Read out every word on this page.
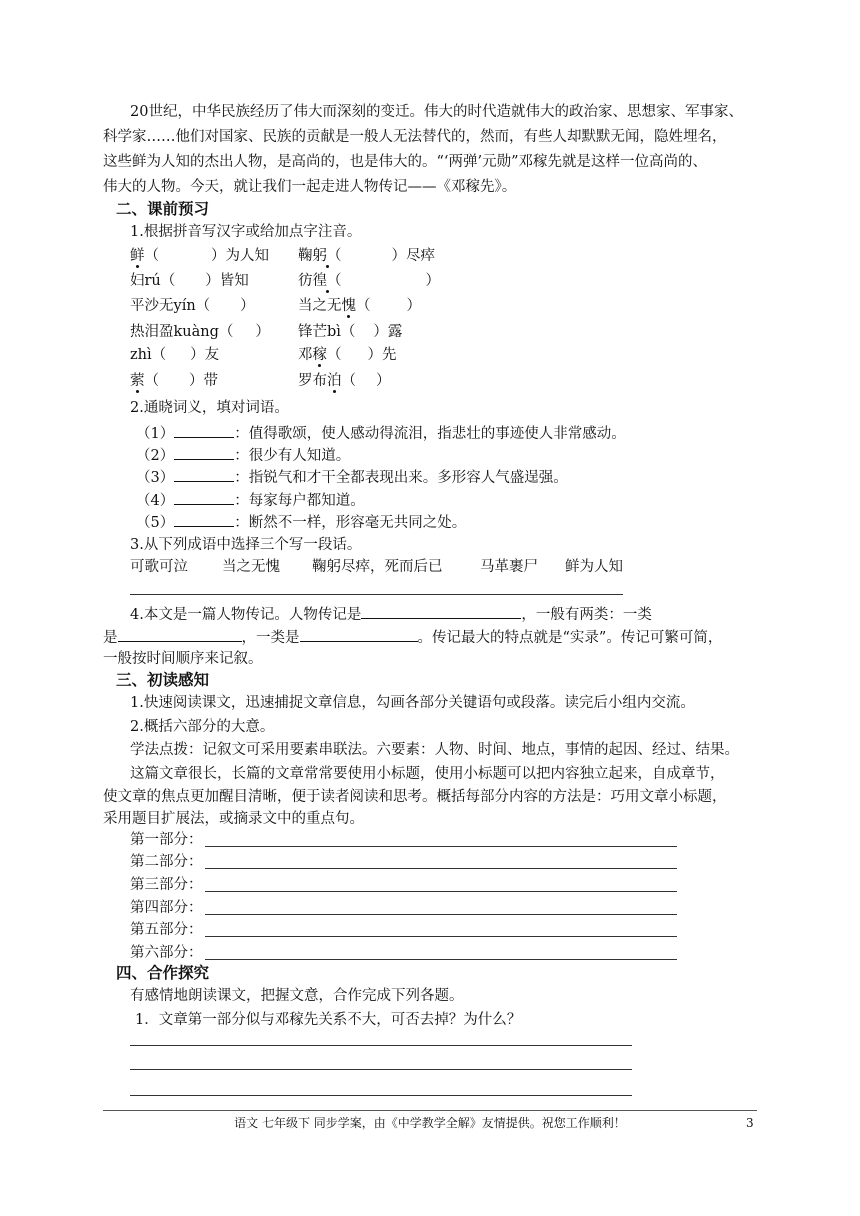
20世纪，中华民族经历了伟大而深刻的变迁。伟大的时代造就伟大的政治家、思想家、军事家、
科学家……他们对国家、民族的贡献是一般人无法替代的，然而，有些人却默默无闻，隐姓埋名，
这些鲜为人知的杰出人物，是高尚的，也是伟大的。“‘两弹’元勋”邓稼先就是这样一位高尚的、
伟大的人物。今天，就让我们一起走进人物传记——《邓稼先》。
二、课前预习
1.根据拼音写汉字或给加点字注音。
鲜（	）为人知 鞠躬（	）尽瘁
妇rú（ ）皆知	彷徨（	）
平沙无yín（ ）	当之无愧（ ）
热泪盈kuàng（ ） 锋芒bì（ ）露
zhì（ ）友	邓稼（ ）先
萦（ ）带	罗布泊（ ）
2.通晓词义，填对词语。
（1）	：值得歌颂，使人感动得流泪，指悲壮的事迹使人非常感动。
（2）	：很少有人知道。
（3）	：指锐气和才干全都表现出来。多形容人气盛逞强。
（4）	：每家每户都知道。
（5）	：断然不一样，形容毫无共同之处。
3.从下列成语中选择三个写一段话。
可歌可泣 当之无愧 鞠躬尽瘁，死而后已	马革裹尸 鲜为人知
4.本文是一篇人物传记。人物传记是	，一般有两类：一类
是	，一类是	。传记最大的特点就是“实录”。传记可繁可简，
一般按时间顺序来记叙。
三、初读感知
1.快速阅读课文，迅速捕捉文章信息，勾画各部分关键语句或段落。读完后小组内交流。
2.概括六部分的大意。
学法点拨：记叙文可采用要素串联法。六要素：人物、时间、地点，事情的起因、经过、结果。
这篇文章很长，长篇的文章常常要使用小标题，使用小标题可以把内容独立起来，自成章节，
使文章的焦点更加醒目清晰，便于读者阅读和思考。概括每部分内容的方法是：巧用文章小标题，
采用题目扩展法，或摘录文中的重点句。
第一部分：
第二部分：
第三部分：
第四部分：
第五部分：
第六部分：
四、合作探究
有感情地朗读课文，把握文意，合作完成下列各题。
1．文章第一部分似与邓稼先关系不大，可否去掉？为什么？
语文 七年级下 同步学案，由《中学教学全解》友情提供。祝您工作顺利！	3
